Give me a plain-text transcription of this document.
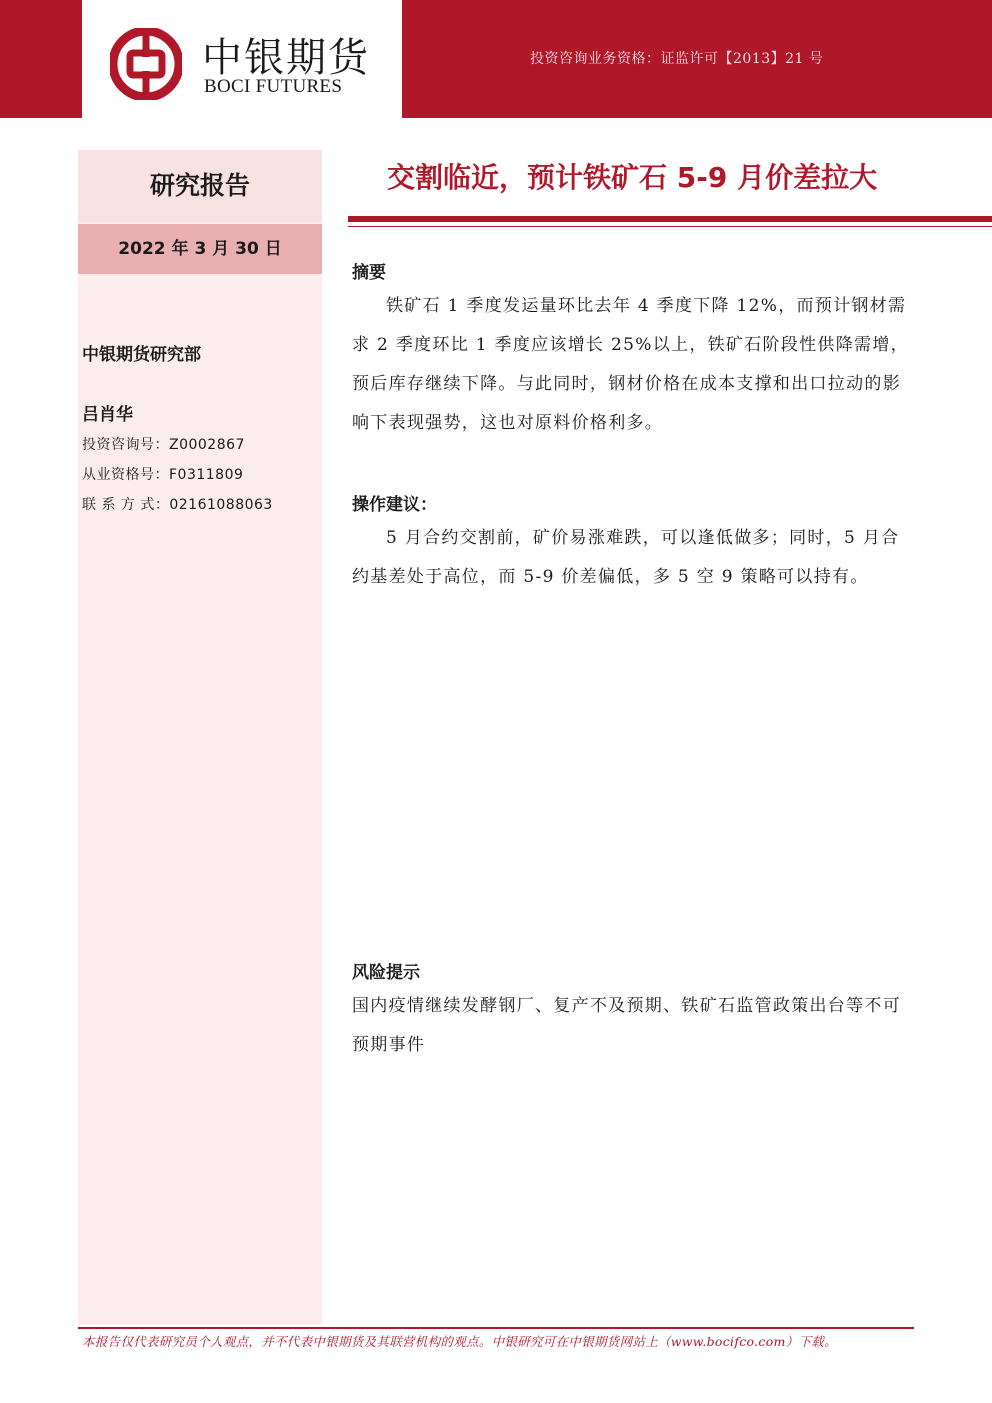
投资咨询业务资格：证监许可【2013】21 号
中银期货
BOCI FUTURES
研究报告
2022 年 3 月 30 日
中银期货研究部
吕肖华
投资咨询号：Z0002867
从业资格号：F0311809
联 系 方 式：02161088063
交割临近，预计铁矿石 5-9 月价差拉大
摘要
铁矿石 1 季度发运量环比去年 4 季度下降 12%，而预计钢材需求 2 季度环比 1 季度应该增长 25%以上，铁矿石阶段性供降需增，预后库存继续下降。与此同时，钢材价格在成本支撑和出口拉动的影响下表现强势，这也对原料价格利多。
操作建议：
5 月合约交割前，矿价易涨难跌，可以逢低做多；同时，5 月合约基差处于高位，而 5-9 价差偏低，多 5 空 9 策略可以持有。
风险提示
国内疫情继续发酵钢厂、复产不及预期、铁矿石监管政策出台等不可预期事件
本报告仅代表研究员个人观点，并不代表中银期货及其联营机构的观点。中银研究可在中银期货网站上（www.bocifco.com）下载。
